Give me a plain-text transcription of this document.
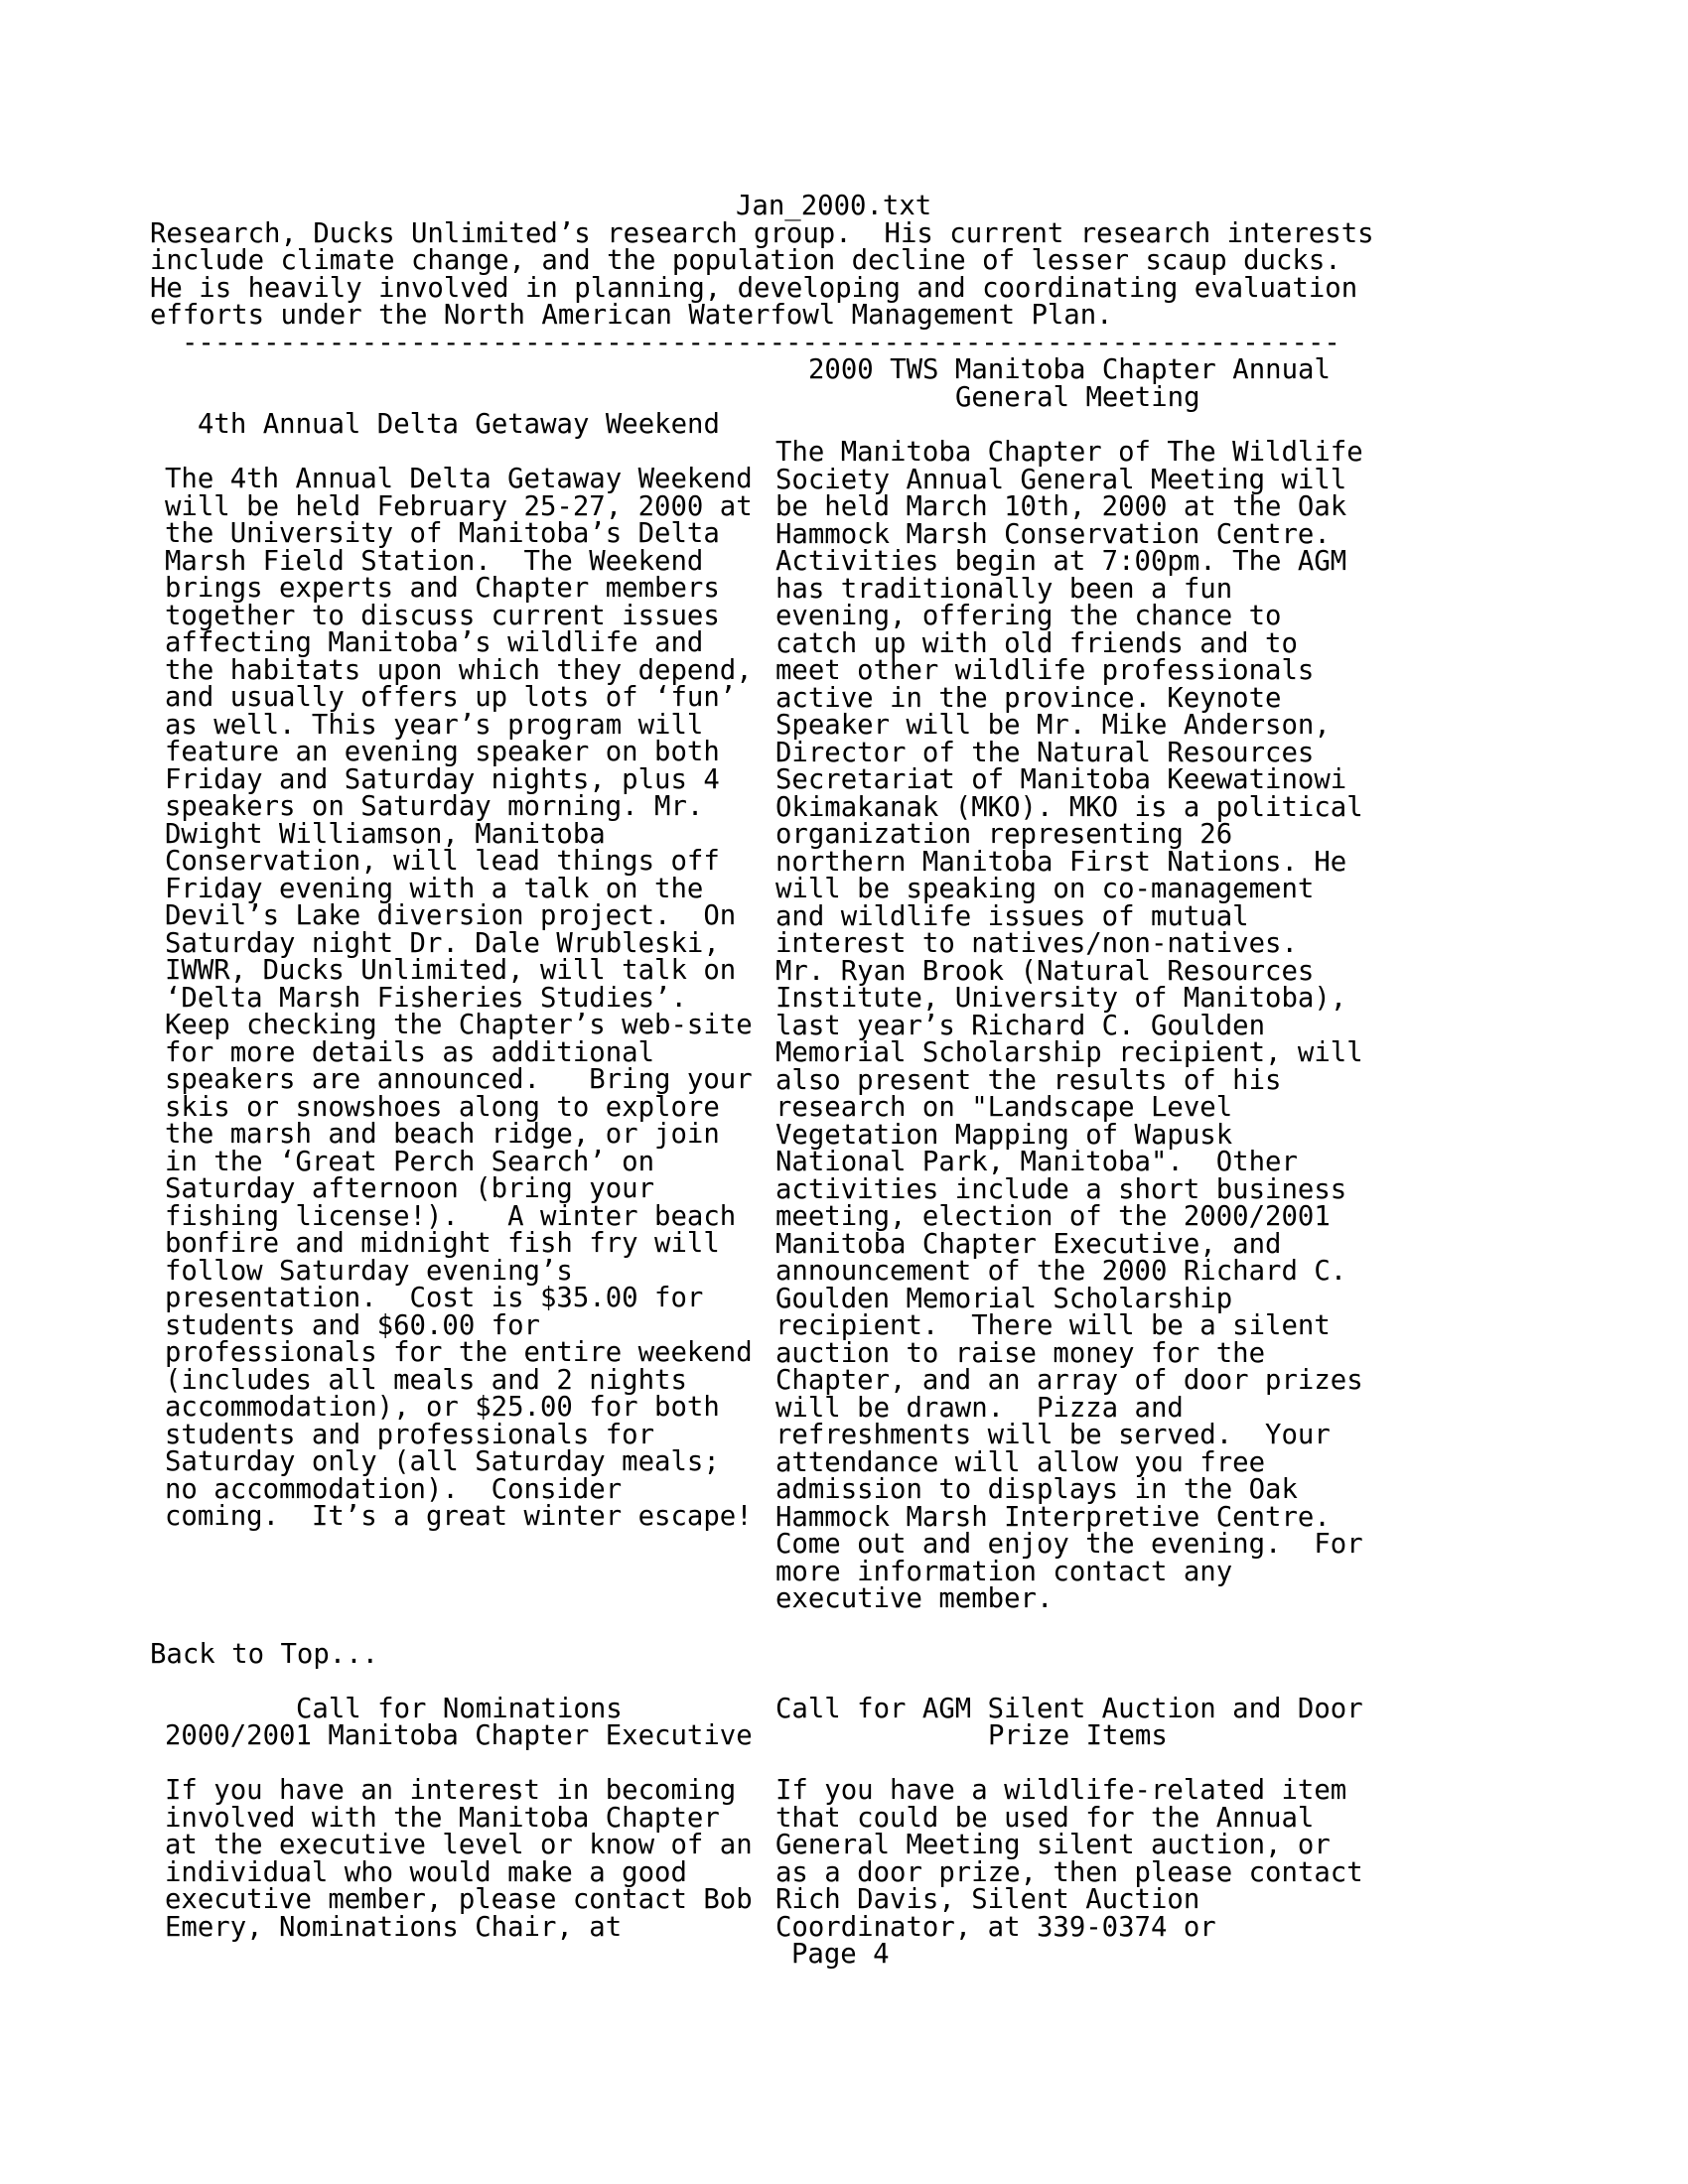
Jan_2000.txt
Research, Ducks Unlimited’s research group.  His current research interests
include climate change, and the population decline of lesser scaup ducks.
He is heavily involved in planning, developing and coordinating evaluation
efforts under the North American Waterfowl Management Plan.
-----------------------------------------------------------------------
2000 TWS Manitoba Chapter Annual
General Meeting
4th Annual Delta Getaway Weekend
The 4th Annual Delta Getaway Weekend
will be held February 25-27, 2000 at
the University of Manitoba’s Delta
Marsh Field Station.  The Weekend
brings experts and Chapter members
together to discuss current issues
affecting Manitoba’s wildlife and
the habitats upon which they depend,
and usually offers up lots of ‘fun’
as well. This year’s program will
feature an evening speaker on both
Friday and Saturday nights, plus 4
speakers on Saturday morning. Mr.
Dwight Williamson, Manitoba
Conservation, will lead things off
Friday evening with a talk on the
Devil’s Lake diversion project.  On
Saturday night Dr. Dale Wrubleski,
IWWR, Ducks Unlimited, will talk on
‘Delta Marsh Fisheries Studies’.
Keep checking the Chapter’s web-site
for more details as additional
speakers are announced.   Bring your
skis or snowshoes along to explore
the marsh and beach ridge, or join
in the ‘Great Perch Search’ on
Saturday afternoon (bring your
fishing license!).   A winter beach
bonfire and midnight fish fry will
follow Saturday evening’s
presentation.  Cost is $35.00 for
students and $60.00 for
professionals for the entire weekend
(includes all meals and 2 nights
accommodation), or $25.00 for both
students and professionals for
Saturday only (all Saturday meals;
no accommodation).  Consider
coming.  It’s a great winter escape!
The Manitoba Chapter of The Wildlife
Society Annual General Meeting will
be held March 10th, 2000 at the Oak
Hammock Marsh Conservation Centre.
Activities begin at 7:00pm. The AGM
has traditionally been a fun
evening, offering the chance to
catch up with old friends and to
meet other wildlife professionals
active in the province. Keynote
Speaker will be Mr. Mike Anderson,
Director of the Natural Resources
Secretariat of Manitoba Keewatinowi
Okimakanak (MKO). MKO is a political
organization representing 26
northern Manitoba First Nations. He
will be speaking on co-management
and wildlife issues of mutual
interest to natives/non-natives.
Mr. Ryan Brook (Natural Resources
Institute, University of Manitoba),
last year’s Richard C. Goulden
Memorial Scholarship recipient, will
also present the results of his
research on "Landscape Level
Vegetation Mapping of Wapusk
National Park, Manitoba".  Other
activities include a short business
meeting, election of the 2000/2001
Manitoba Chapter Executive, and
announcement of the 2000 Richard C.
Goulden Memorial Scholarship
recipient.  There will be a silent
auction to raise money for the
Chapter, and an array of door prizes
will be drawn.  Pizza and
refreshments will be served.  Your
attendance will allow you free
admission to displays in the Oak
Hammock Marsh Interpretive Centre.
Come out and enjoy the evening.  For
more information contact any
executive member.
Back to Top...
Call for Nominations
2000/2001 Manitoba Chapter Executive
Call for AGM Silent Auction and Door
Prize Items
If you have an interest in becoming
involved with the Manitoba Chapter
at the executive level or know of an
individual who would make a good
executive member, please contact Bob
Emery, Nominations Chair, at
If you have a wildlife-related item
that could be used for the Annual
General Meeting silent auction, or
as a door prize, then please contact
Rich Davis, Silent Auction
Coordinator, at 339-0374 or
Page 4
